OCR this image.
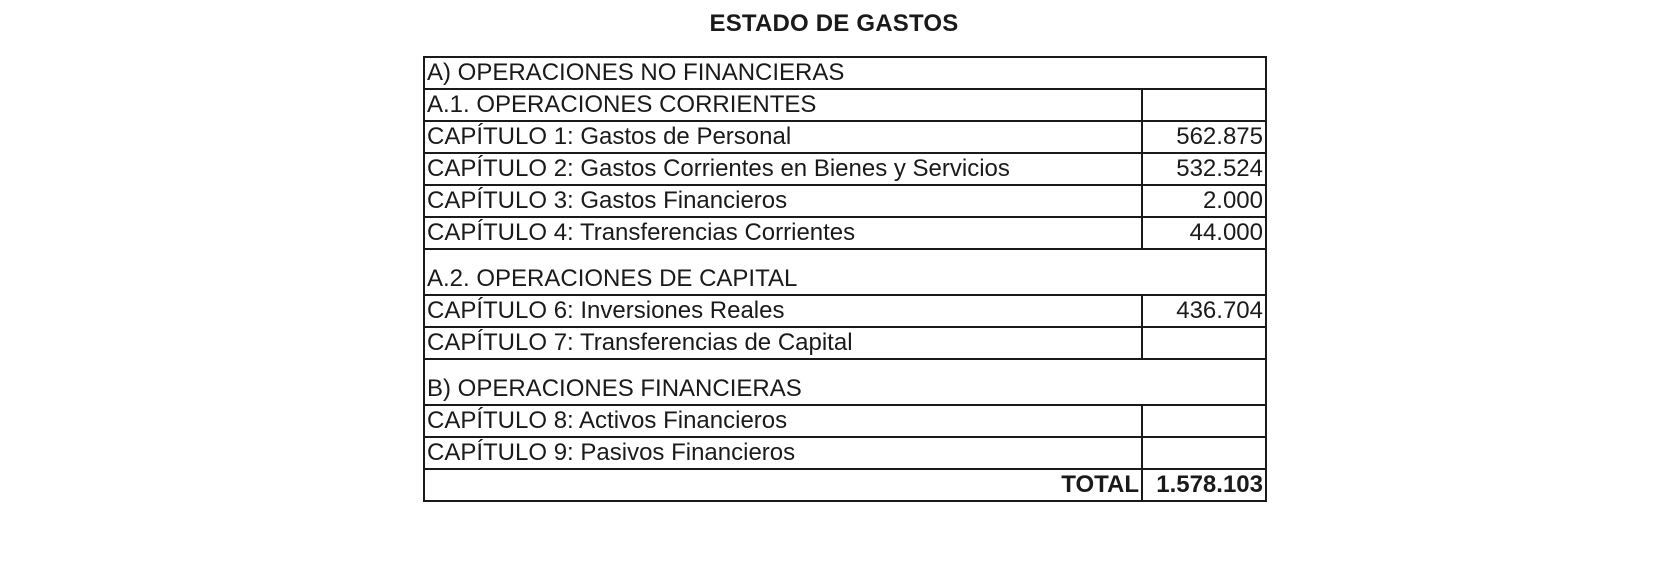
ESTADO DE GASTOS
A) OPERACIONES NO FINANCIERAS	
A.1. OPERACIONES CORRIENTES	
CAPÍTULO 1: Gastos de Personal	562.875
CAPÍTULO 2: Gastos Corrientes en Bienes y Servicios	532.524
CAPÍTULO 3: Gastos Financieros	2.000
CAPÍTULO 4: Transferencias Corrientes	44.000
A.2. OPERACIONES DE CAPITAL	
CAPÍTULO 6: Inversiones Reales	436.704
CAPÍTULO 7: Transferencias de Capital	
B) OPERACIONES FINANCIERAS	
CAPÍTULO 8: Activos Financieros	
CAPÍTULO 9: Pasivos Financieros	
TOTAL	1.578.103
